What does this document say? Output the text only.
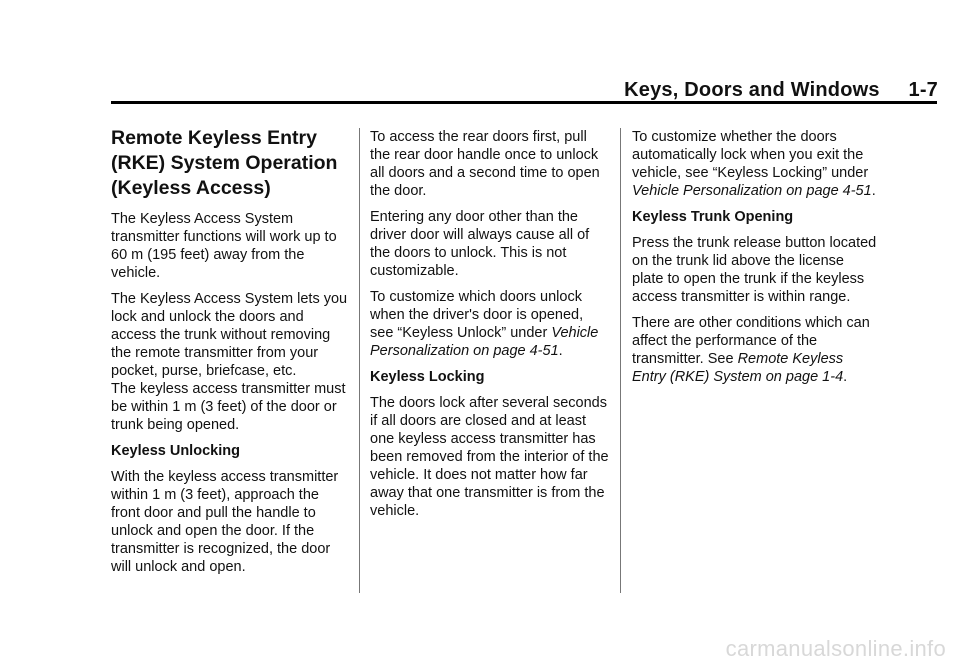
Keys, Doors and Windows     1-7
Remote Keyless Entry (RKE) System Operation (Keyless Access)

The Keyless Access System transmitter functions will work up to 60 m (195 feet) away from the vehicle.

The Keyless Access System lets you lock and unlock the doors and access the trunk without removing the remote transmitter from your pocket, purse, briefcase, etc.

The keyless access transmitter must be within 1 m (3 feet) of the door or trunk being opened.

Keyless Unlocking

With the keyless access transmitter within 1 m (3 feet), approach the front door and pull the handle to unlock and open the door. If the transmitter is recognized, the door will unlock and open.

To access the rear doors first, pull the rear door handle once to unlock all doors and a second time to open the door.

Entering any door other than the driver door will always cause all of the doors to unlock. This is not customizable.

To customize which doors unlock when the driver's door is opened, see “Keyless Unlock” under Vehicle Personalization on page 4-51.

Keyless Locking

The doors lock after several seconds if all doors are closed and at least one keyless access transmitter has been removed from the interior of the vehicle. It does not matter how far away that one transmitter is from the vehicle.

To customize whether the doors automatically lock when you exit the vehicle, see “Keyless Locking” under Vehicle Personalization on page 4-51.

Keyless Trunk Opening

Press the trunk release button located on the trunk lid above the license plate to open the trunk if the keyless access transmitter is within range.

There are other conditions which can affect the performance of the transmitter. See Remote Keyless Entry (RKE) System on page 1-4.

carmanualsonline.info
